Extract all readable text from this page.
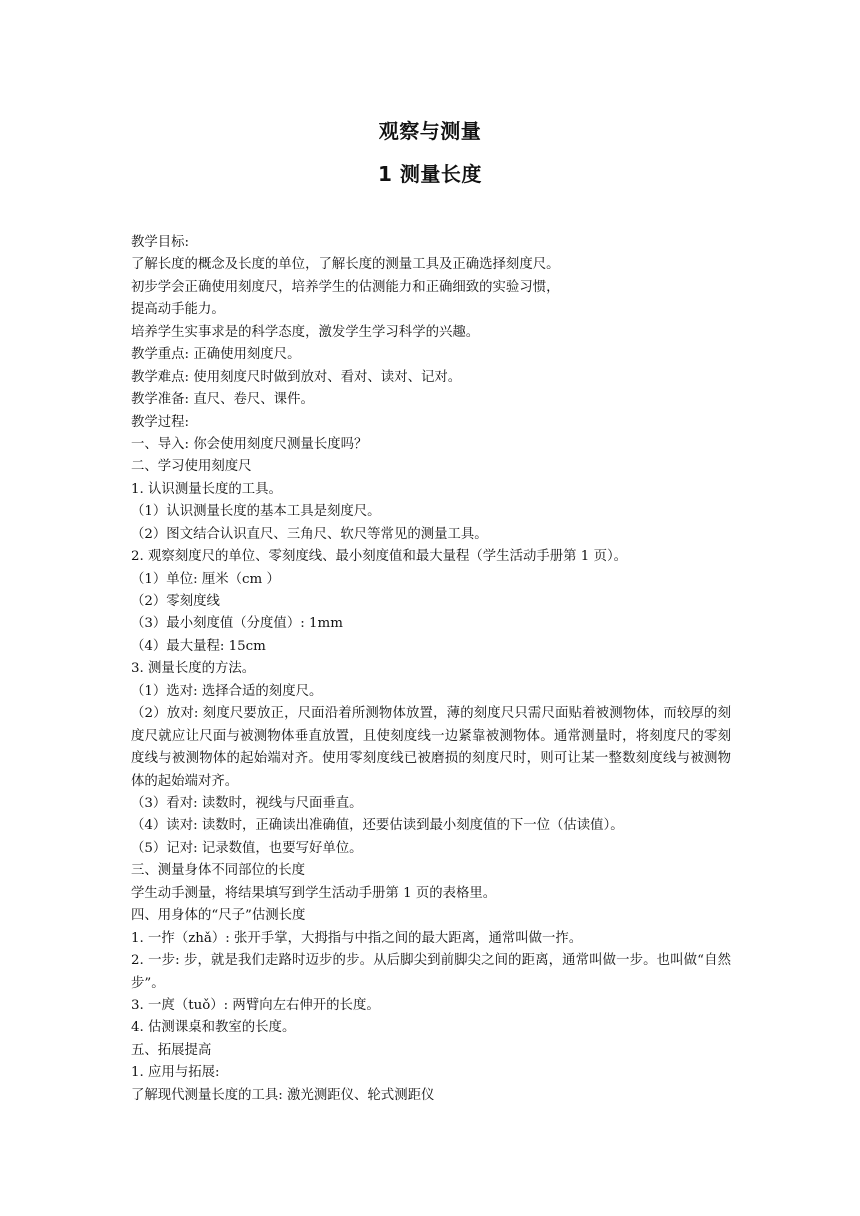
观察与测量
1 测量长度
教学目标:
了解长度的概念及长度的单位，了解长度的测量工具及正确选择刻度尺。
初步学会正确使用刻度尺，培养学生的估测能力和正确细致的实验习惯，
提高动手能力。
培养学生实事求是的科学态度，激发学生学习科学的兴趣。
教学重点: 正确使用刻度尺。
教学难点: 使用刻度尺时做到放对、看对、读对、记对。
教学准备: 直尺、卷尺、课件。
教学过程:
一、导入: 你会使用刻度尺测量长度吗？
二、学习使用刻度尺
1. 认识测量长度的工具。
（1）认识测量长度的基本工具是刻度尺。
（2）图文结合认识直尺、三角尺、软尺等常见的测量工具。
2. 观察刻度尺的单位、零刻度线、最小刻度值和最大量程（学生活动手册第 1 页）。
（1）单位: 厘米（cm ）
（2）零刻度线
（3）最小刻度值（分度值）: 1mm
（4）最大量程: 15cm
3. 测量长度的方法。
（1）选对: 选择合适的刻度尺。
（2）放对: 刻度尺要放正，尺面沿着所测物体放置，薄的刻度尺只需尺面贴着被测物体，而较厚的刻度尺就应让尺面与被测物体垂直放置，且使刻度线一边紧靠被测物体。通常测量时，将刻度尺的零刻度线与被测物体的起始端对齐。使用零刻度线已被磨损的刻度尺时，则可让某一整数刻度线与被测物体的起始端对齐。
（3）看对: 读数时，视线与尺面垂直。
（4）读对: 读数时，正确读出准确值，还要估读到最小刻度值的下一位（估读值）。
（5）记对: 记录数值，也要写好单位。
三、测量身体不同部位的长度
学生动手测量，将结果填写到学生活动手册第 1 页的表格里。
四、用身体的“尺子”估测长度
1. 一拃（zhǎ）: 张开手掌，大拇指与中指之间的最大距离，通常叫做一拃。
2. 一步: 步，就是我们走路时迈步的步。从后脚尖到前脚尖之间的距离，通常叫做一步。也叫做“自然步”。
3. 一庹（tuǒ）: 两臂向左右伸开的长度。
4. 估测课桌和教室的长度。
五、拓展提高
1. 应用与拓展:
了解现代测量长度的工具: 激光测距仪、轮式测距仪
